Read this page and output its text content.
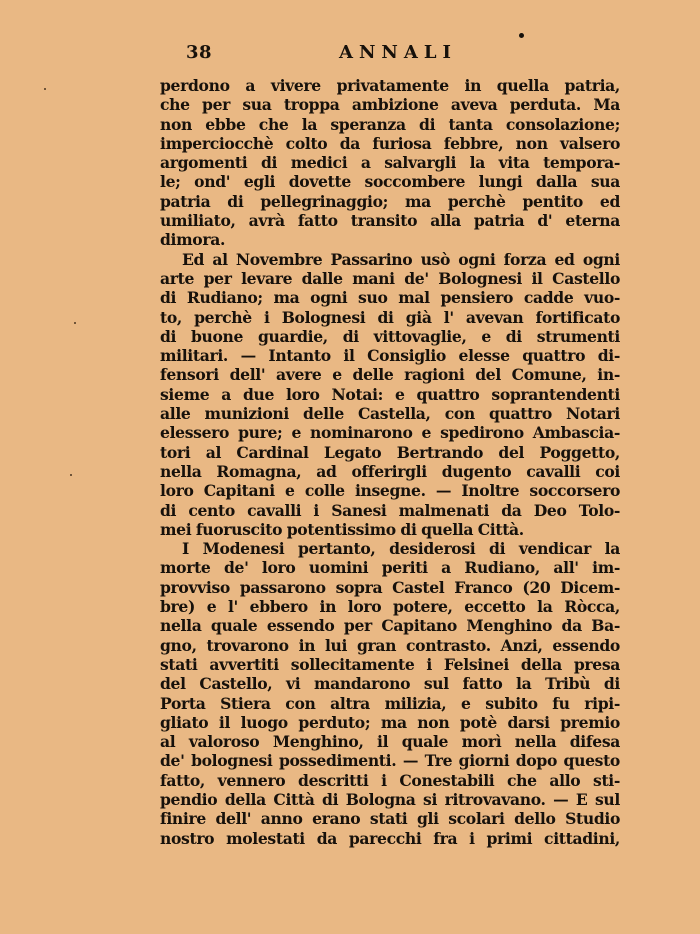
38	ANNALI
perdono a vivere privatamente in quella patria,
che per sua troppa ambizione aveva perduta. Ma
non ebbe che la speranza di tanta consolazione;
imperciocchè colto da furiosa febbre, non valsero
argomenti di medici a salvargli la vita tempora-
le; ond' egli dovette soccombere lungi dalla sua
patria di pellegrinaggio; ma perchè pentito ed
umiliato, avrà fatto transito alla patria d' eterna
dimora.
Ed al Novembre Passarino usò ogni forza ed ogni
arte per levare dalle mani de' Bolognesi il Castello
di Rudiano; ma ogni suo mal pensiero cadde vuo-
to, perchè i Bolognesi di già l' avevan fortificato
di buone guardie, di vittovaglie, e di strumenti
militari. — Intanto il Consiglio elesse quattro di-
fensori dell' avere e delle ragioni del Comune, in-
sieme a due loro Notai: e quattro soprantendenti
alle munizioni delle Castella, con quattro Notari
elessero pure; e nominarono e spedirono Ambascia-
tori al Cardinal Legato Bertrando del Poggetto,
nella Romagna, ad offerirgli dugento cavalli coi
loro Capitani e colle insegne. — Inoltre soccorsero
di cento cavalli i Sanesi malmenati da Deo Tolo-
mei fuoruscito potentissimo di quella Città.
I Modenesi pertanto, desiderosi di vendicar la
morte de' loro uomini periti a Rudiano, all' im-
provviso passarono sopra Castel Franco (20 Dicem-
bre) e l' ebbero in loro potere, eccetto la Ròcca,
nella quale essendo per Capitano Menghino da Ba-
gno, trovarono in lui gran contrasto. Anzi, essendo
stati avvertiti sollecitamente i Felsinei della presa
del Castello, vi mandarono sul fatto la Tribù di
Porta Stiera con altra milizia, e subito fu ripi-
gliato il luogo perduto; ma non potè darsi premio
al valoroso Menghino, il quale morì nella difesa
de' bolognesi possedimenti. — Tre giorni dopo questo
fatto, vennero descritti i Conestabili che allo sti-
pendio della Città di Bologna si ritrovavano. — E sul
finire dell' anno erano stati gli scolari dello Studio
nostro molestati da parecchi fra i primi cittadini,
